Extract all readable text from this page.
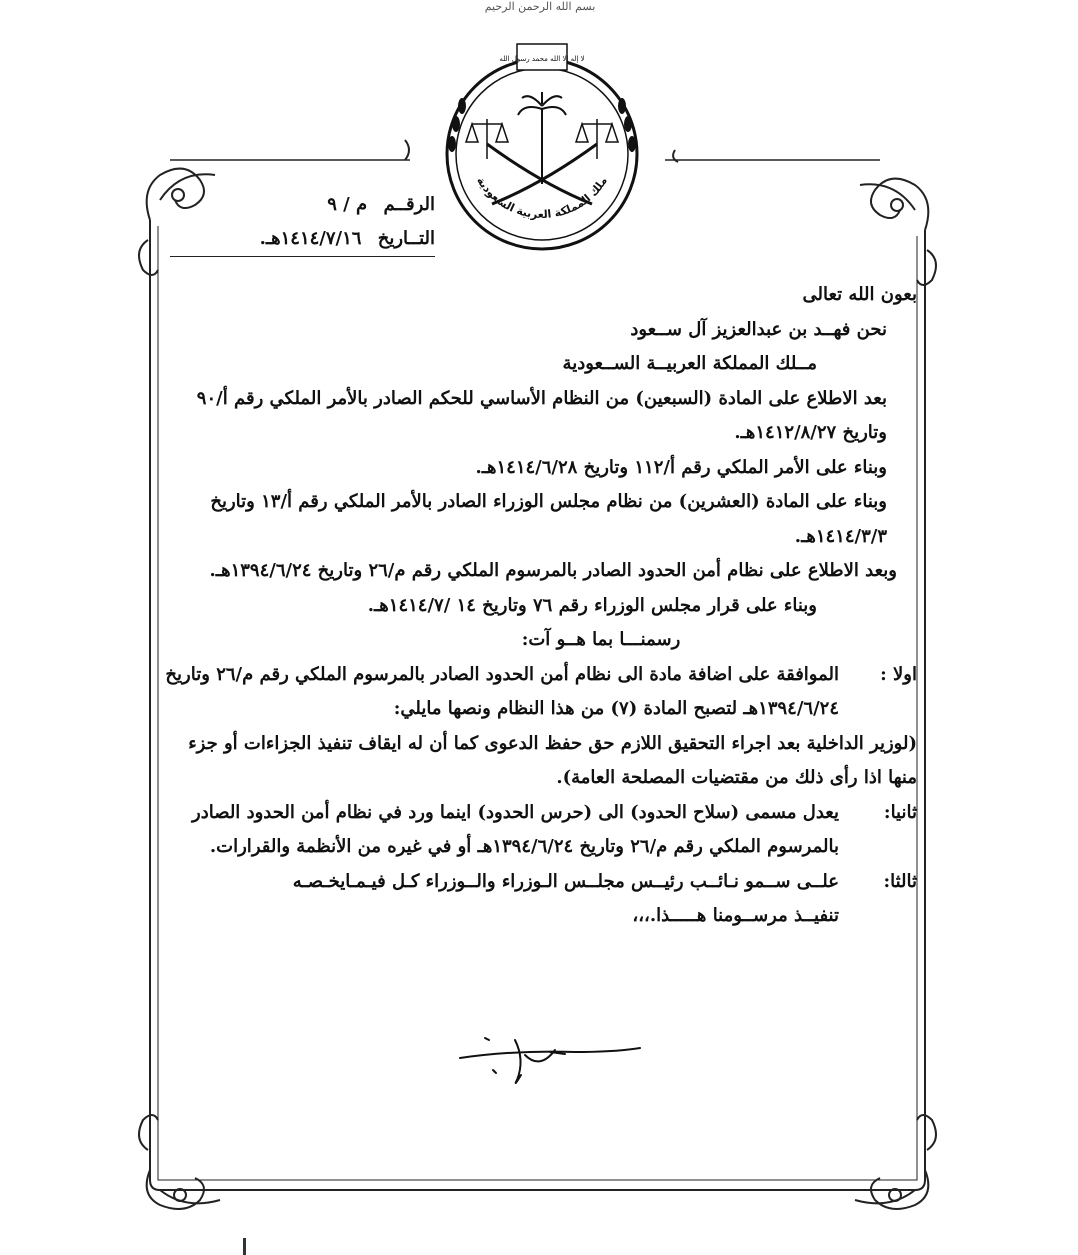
بسم الله الرحمن الرحيم
لا إله إلا الله محمد رسول الله
ملك المملكة العربية السعودية
الرقــم م / ٩
التــاريخ ١٤١٤/٧/١٦هـ.

بعون الله تعالى

نحن فهــد بن عبدالعزيز آل ســعود

مــلك المملكة العربيــة الســعودية

بعد الاطلاع على المادة (السبعين) من النظام الأساسي للحكم الصادر بالأمر الملكي رقم أ/٩٠ وتاريخ ١٤١٢/٨/٢٧هـ.

وبناء على الأمر الملكي رقم أ/١١٢ وتاريخ ١٤١٤/٦/٢٨هـ.

وبناء على المادة (العشرين) من نظام مجلس الوزراء الصادر بالأمر الملكي رقم أ/١٣ وتاريخ ١٤١٤/٣/٣هـ.

وبعد الاطلاع على نظام أمن الحدود الصادر بالمرسوم الملكي رقم م/٢٦ وتاريخ ١٣٩٤/٦/٢٤هـ.

وبناء على قرار مجلس الوزراء رقم ٧٦ وتاريخ ١٤ /١٤١٤/٧هـ.

رسمنـــا بما هــو آت:

اولا :
الموافقة على اضافة مادة الى نظام أمن الحدود الصادر بالمرسوم الملكي رقم م/٢٦ وتاريخ ١٣٩٤/٦/٢٤هـ لتصبح المادة (٧) من هذا النظام ونصها مايلي:

(لوزير الداخلية بعد اجراء التحقيق اللازم حق حفظ الدعوى كما أن له ايقاف تنفيذ الجزاءات أو جزء منها اذا رأى ذلك من مقتضيات المصلحة العامة).

ثانيا:
يعدل مسمى (سلاح الحدود) الى (حرس الحدود) اينما ورد في نظام أمن الحدود الصادر بالمرسوم الملكي رقم م/٢٦ وتاريخ ١٣٩٤/٦/٢٤هـ أو في غيره من الأنظمة والقرارات.
ثالثا:
علــى ســمو نـائــب رئيــس مجلــس الـوزراء والــوزراء كـل فيـمـايخـصـه

تنفيــذ مرســومنا هـــــذا.،،،
